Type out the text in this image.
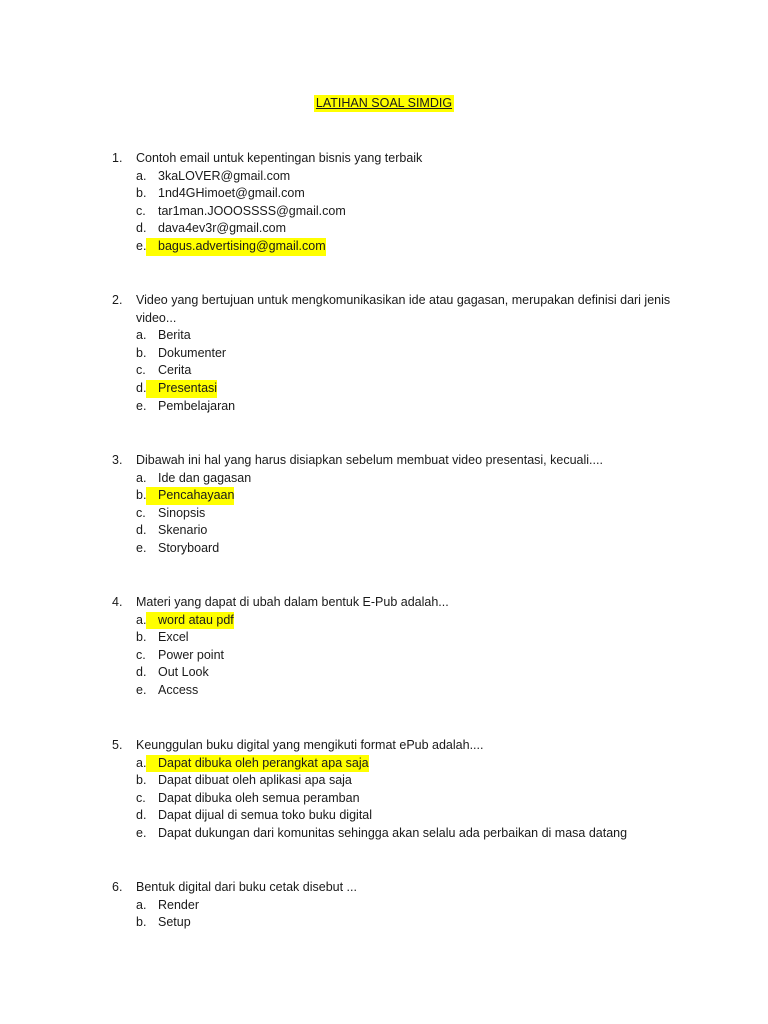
LATIHAN SOAL SIMDIG
1.	Contoh email untuk kepentingan bisnis yang terbaik
a. 3kaLOVER@gmail.com
b. 1nd4GHimoet@gmail.com
c. tar1man.JOOOSSSS@gmail.com
d. dava4ev3r@gmail.com
e. bagus.advertising@gmail.com
2.	Video yang bertujuan untuk mengkomunikasikan ide atau gagasan, merupakan definisi dari jenis video...
a. Berita
b. Dokumenter
c. Cerita
d. Presentasi
e. Pembelajaran
3.	Dibawah ini hal yang harus disiapkan sebelum membuat video presentasi, kecuali....
a. Ide dan gagasan
b. Pencahayaan
c. Sinopsis
d. Skenario
e. Storyboard
4.	Materi yang dapat di ubah dalam bentuk E-Pub adalah...
a. word atau pdf
b. Excel
c. Power point
d. Out Look
e. Access
5.	Keunggulan buku digital yang mengikuti format ePub adalah....
a. Dapat dibuka oleh perangkat apa saja
b. Dapat dibuat oleh aplikasi apa saja
c. Dapat dibuka oleh semua peramban
d. Dapat dijual di semua toko buku digital
e. Dapat dukungan dari komunitas sehingga akan selalu ada perbaikan di masa datang
6.	Bentuk digital dari buku cetak disebut ...
a. Render
b. Setup
